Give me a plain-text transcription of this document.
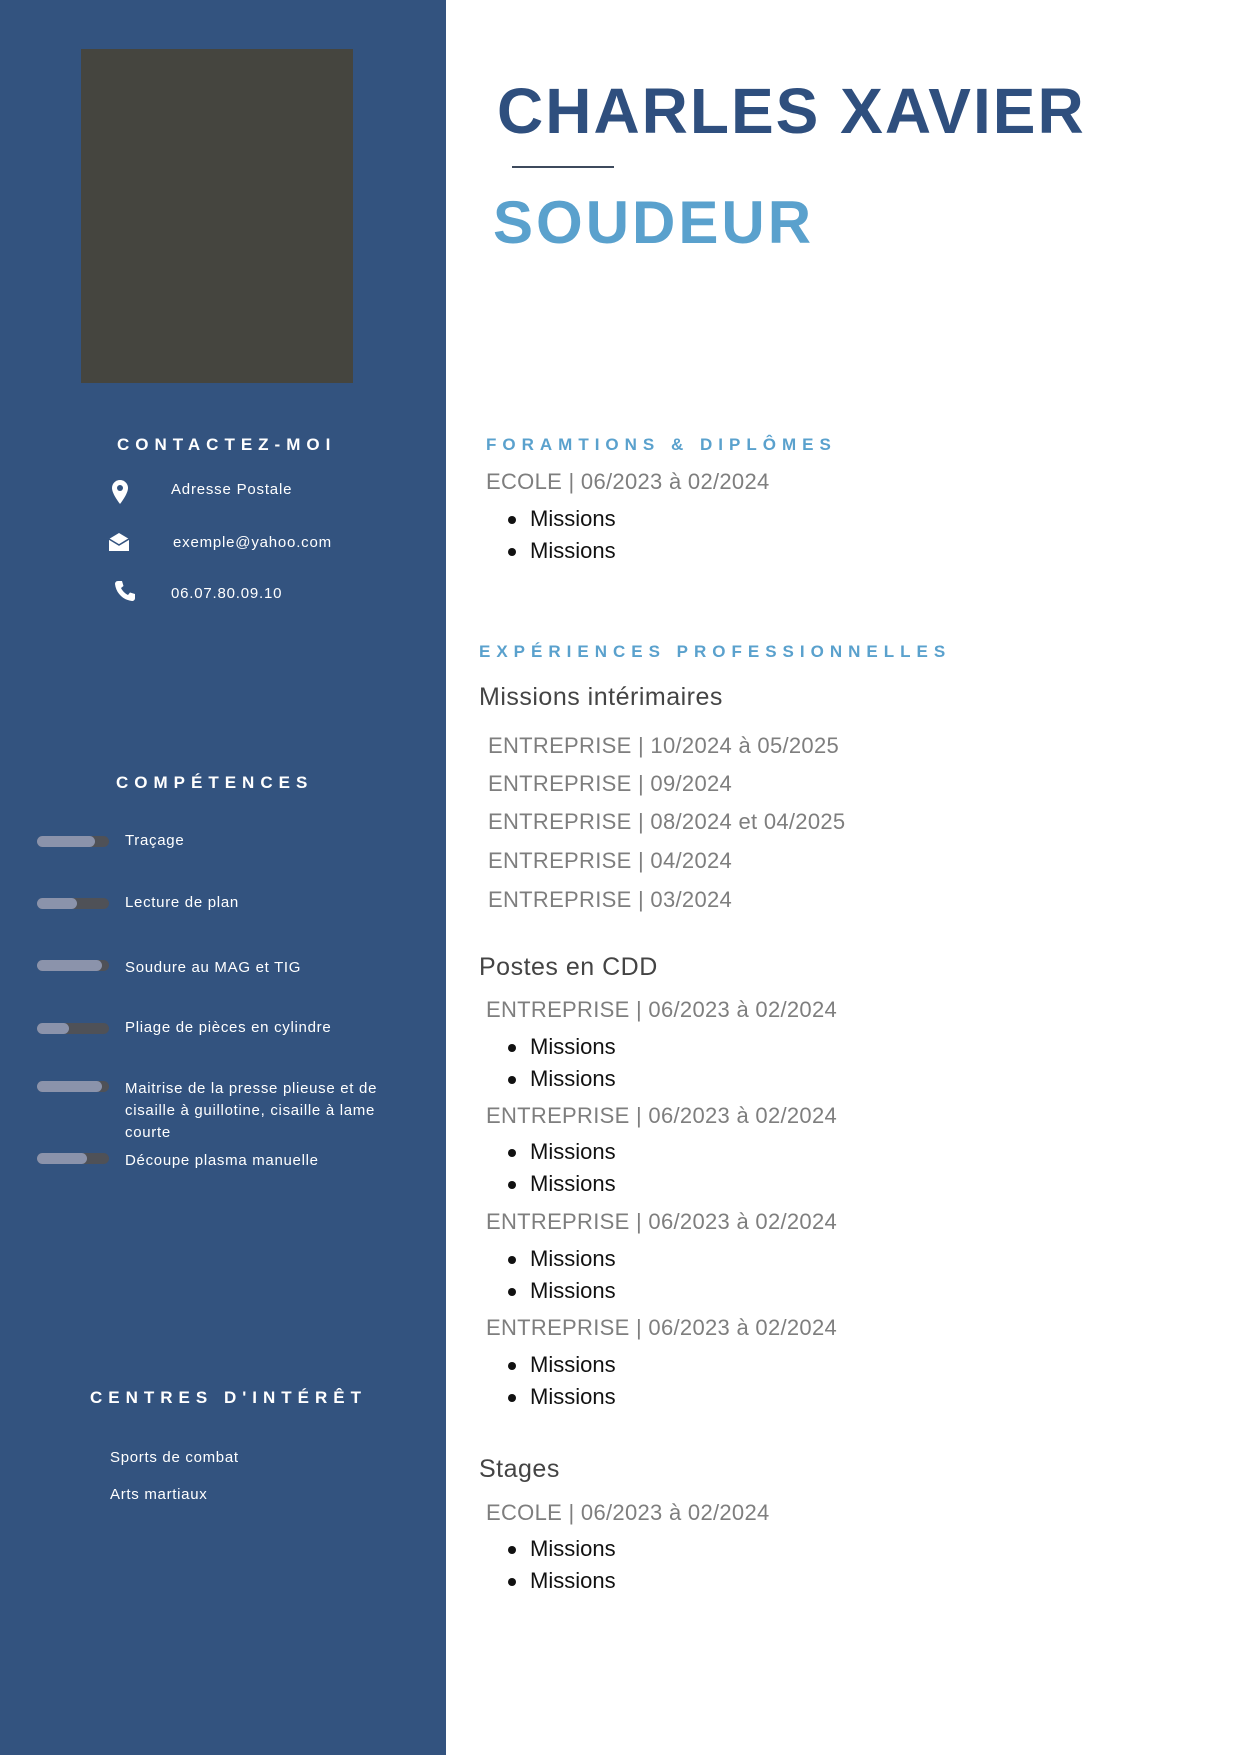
CONTACTEZ-MOI
Adresse Postale
exemple@yahoo.com
06.07.80.09.10
COMPÉTENCES
Traçage
Lecture de plan
Soudure au MAG et TIG
Pliage de pièces en cylindre
Maitrise de la presse plieuse et de cisaille à guillotine, cisaille à lame courte
Découpe plasma manuelle
CENTRES D'INTÉRÊT
Sports de combat
Arts martiaux
CHARLES XAVIER
SOUDEUR
FORAMTIONS & DIPLÔMES
ECOLE | 06/2023 à 02/2024
Missions
Missions
EXPÉRIENCES PROFESSIONNELLES
Missions intérimaires
ENTREPRISE | 10/2024 à 05/2025
ENTREPRISE | 09/2024
ENTREPRISE | 08/2024 et 04/2025
ENTREPRISE | 04/2024
ENTREPRISE | 03/2024
Postes en CDD
ENTREPRISE | 06/2023 à 02/2024
Missions
Missions
ENTREPRISE | 06/2023 à 02/2024
Missions
Missions
ENTREPRISE | 06/2023 à 02/2024
Missions
Missions
ENTREPRISE | 06/2023 à 02/2024
Missions
Missions
Stages
ECOLE | 06/2023 à 02/2024
Missions
Missions
